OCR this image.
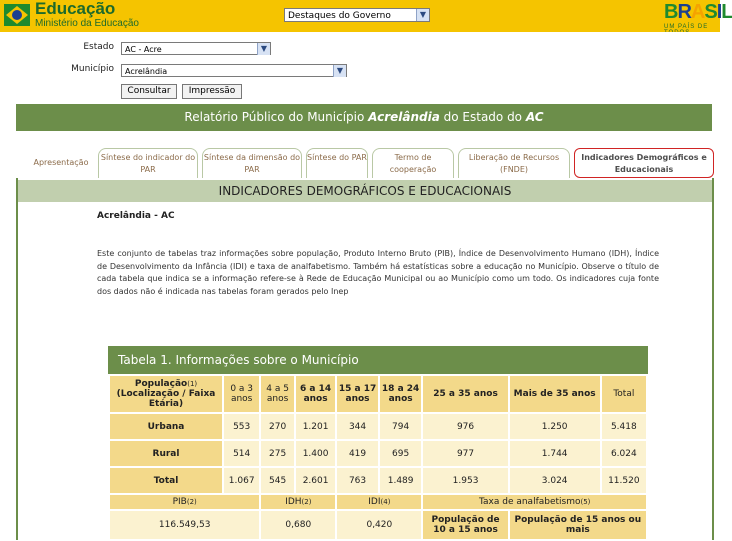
Educação
Ministério da Educação
Destaques do Governo	▼	BRASIL
UM PAÍS DE
Estado	AC - Acre	▼
Município	Acrelândia	▼
Consultar	Impressão
Relatório Público do Município Acrelândia do Estado do AC
Apresentação
Síntese do indicador do PAR
Síntese da dimensão do PAR
Síntese do PAR	Termo de cooperação
Liberação de Recursos (FNDE)
Indicadores Demográficos e Educacionais
INDICADORES DEMOGRÁFICOS E EDUCACIONAIS
Acrelândia - AC
Este conjunto de tabelas traz informações sobre população, Produto Interno Bruto (PIB), Índice de Desenvolvimento Humano (IDH), Índice de Desenvolvimento da Infância (IDI) e taxa de analfabetismo. Também há estatísticas sobre a educação no Município. Observe o título de cada tabela que indica se a informação refere-se à Rede de Educação Municipal ou ao Município como um todo. Os indicadores cuja fonte dos dados não é indicada nas tabelas foram gerados pelo Inep
Tabela 1. Informações sobre o Município
População(1)
(Localização / Faixa Etária)	0 a 3 anos	4 a 5 anos	6 a 14 anos	15 a 17 anos	18 a 24 anos	25 a 35 anos	Mais de 35 anos	Total
Urbana	553	270	1.201	344	794	976	1.250	5.418
Rural	514	275	1.400	419	695	977	1.744	6.024
Total	1.067	545	2.601	763	1.489	1.953	3.024	11.520
PIB(2)		IDH(2)		IDI(4)		Taxa de analfabetismo(5)		
116.549,53		0,680		0,420		População de 10 a 15 anos	População de 15 anos ou mais	
